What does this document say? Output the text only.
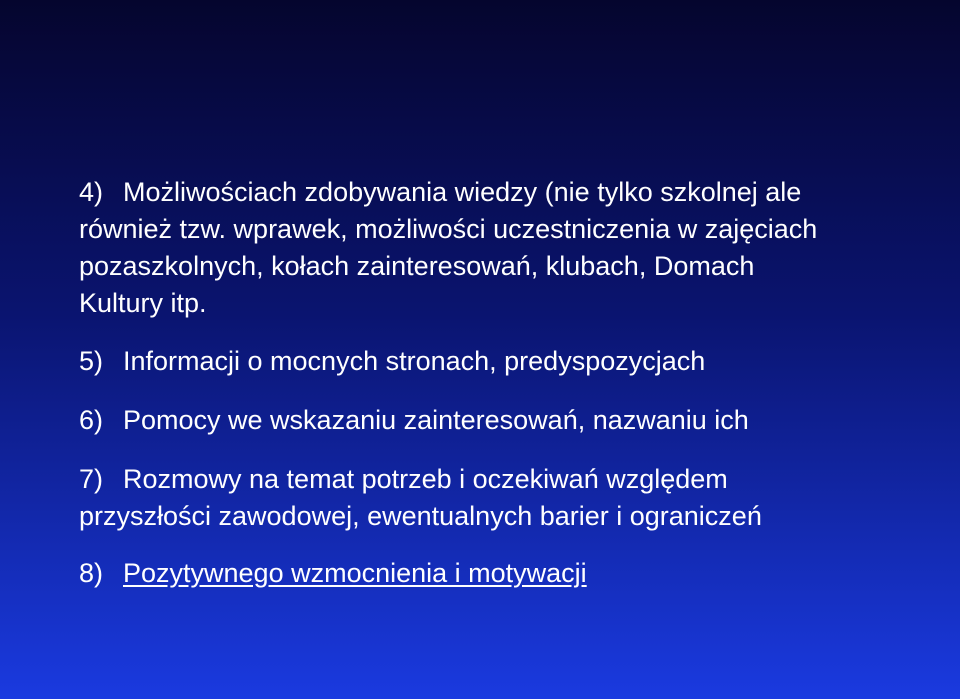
4) Możliwościach zdobywania wiedzy (nie tylko szkolnej ale
również tzw. wprawek, możliwości uczestniczenia w zajęciach
pozaszkolnych, kołach zainteresowań, klubach, Domach
Kultury itp.
5) Informacji o mocnych stronach, predyspozycjach
6) Pomocy we wskazaniu zainteresowań, nazwaniu ich
7) Rozmowy na temat potrzeb i oczekiwań względem
przyszłości zawodowej, ewentualnych barier i ograniczeń
8) Pozytywnego wzmocnienia i motywacji
